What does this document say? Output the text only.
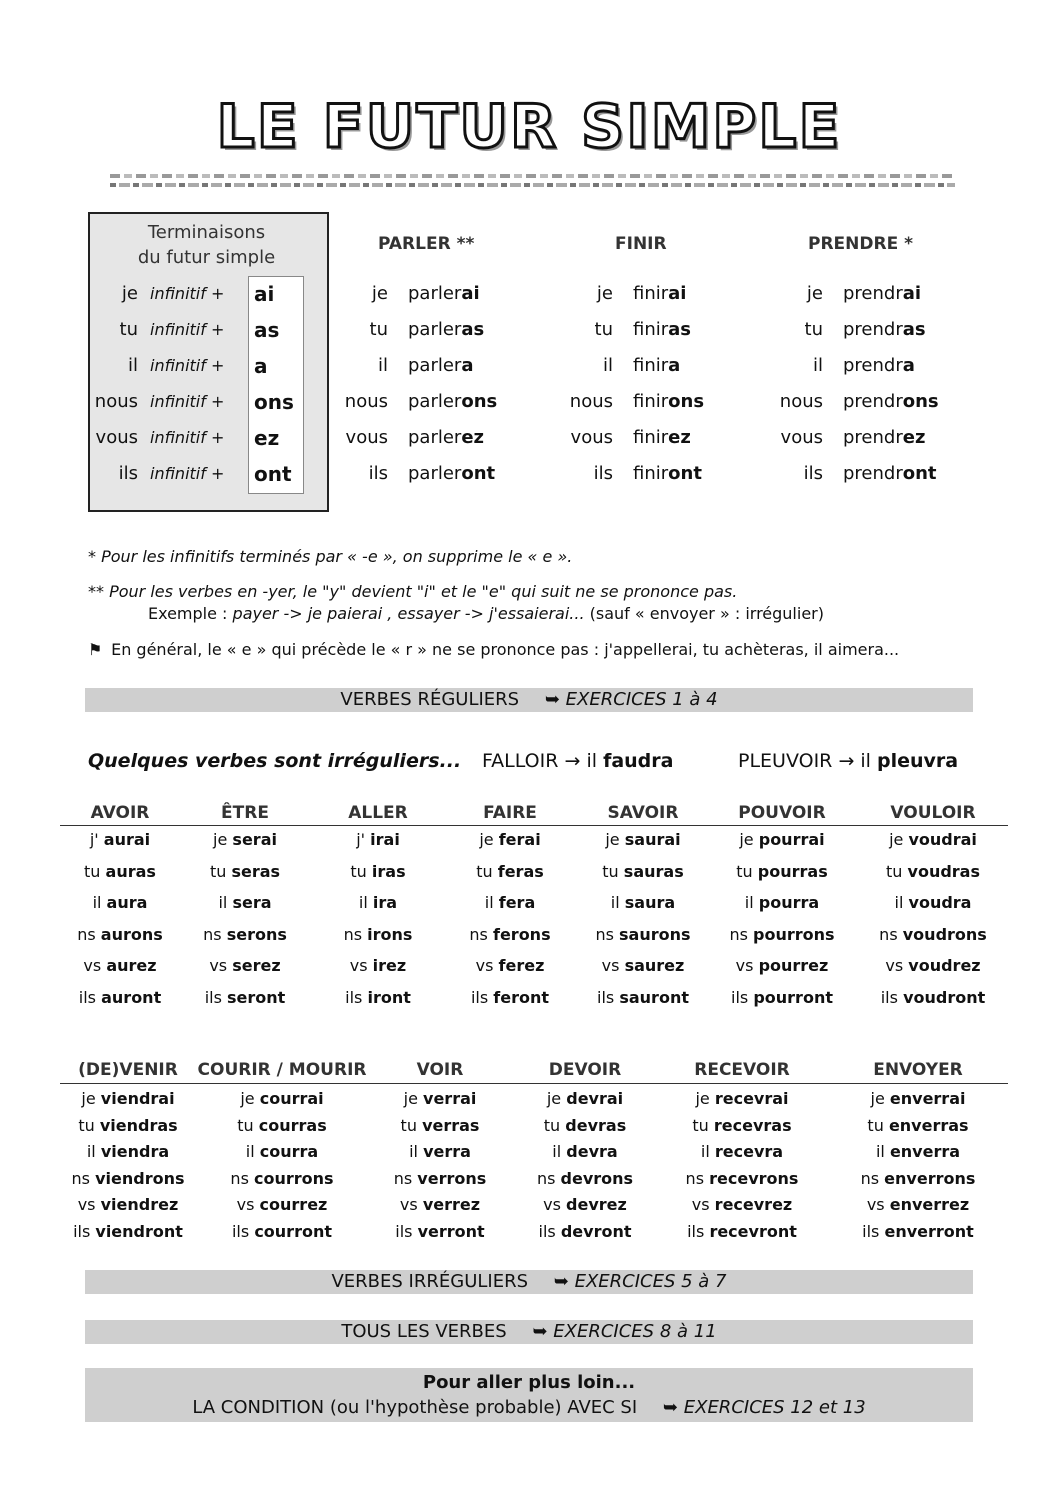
LE FUTUR SIMPLE
Terminaisons
du futur simple
je infinitif + ai
tu infinitif + as
il infinitif + a
nous infinitif + ons
vous infinitif + ez
ils infinitif + ont
PARLER **
je parlerai
tu parleras
il parlera
nous parlerons
vous parlerez
ils parleront
FINIR
je finirai
tu finiras
il finira
nous finirons
vous finirez
ils finiront
PRENDRE *
je prendrai
tu prendras
il prendra
nous prendrons
vous prendrez
ils prendront
* Pour les infinitifs terminés par « -e », on supprime le « e ».
** Pour les verbes en -yer, le "y" devient "i" et le "e" qui suit ne se prononce pas.
Exemple : payer -> je paierai , essayer -> j'essaierai... (sauf « envoyer » : irrégulier)
⚑ En général, le « e » qui précède le « r » ne se prononce pas : j'appellerai, tu achèteras, il aimera...
VERBES RÉGULIERS ➥ EXERCICES 1 à 4
Quelques verbes sont irréguliers... FALLOIR → il faudra	PLEUVOIR → il pleuvra
AVOIR
j' aurai
tu auras
il aura
ns aurons
vs aurez
ils auront
ÊTRE
je serai
tu seras
il sera
ns serons
vs serez
ils seront
ALLER
j' irai
tu iras
il ira
ns irons
vs irez
ils iront
FAIRE
je ferai
tu feras
il fera
ns ferons
vs ferez
ils feront
SAVOIR
je saurai
tu sauras
il saura
ns saurons
vs saurez
ils sauront
POUVOIR
je pourrai
tu pourras
il pourra
ns pourrons
vs pourrez
ils pourront
VOULOIR
je voudrai
tu voudras
il voudra
ns voudrons
vs voudrez
ils voudront
(DE)VENIR
je viendrai
tu viendras
il viendra
ns viendrons
vs viendrez
ils viendront
COURIR / MOURIR
je courrai
tu courras
il courra
ns courrons
vs courrez
ils courront
VOIR
je verrai
tu verras
il verra
ns verrons
vs verrez
ils verront
DEVOIR
je devrai
tu devras
il devra
ns devrons
vs devrez
ils devront
RECEVOIR
je recevrai
tu recevras
il recevra
ns recevrons
vs recevrez
ils recevront
ENVOYER
je enverrai
tu enverras
il enverra
ns enverrons
vs enverrez
ils enverront
VERBES IRRÉGULIERS ➥ EXERCICES 5 à 7
TOUS LES VERBES ➥ EXERCICES 8 à 11
Pour aller plus loin...
LA CONDITION (ou l'hypothèse probable) AVEC SI ➥ EXERCICES 12 et 13
